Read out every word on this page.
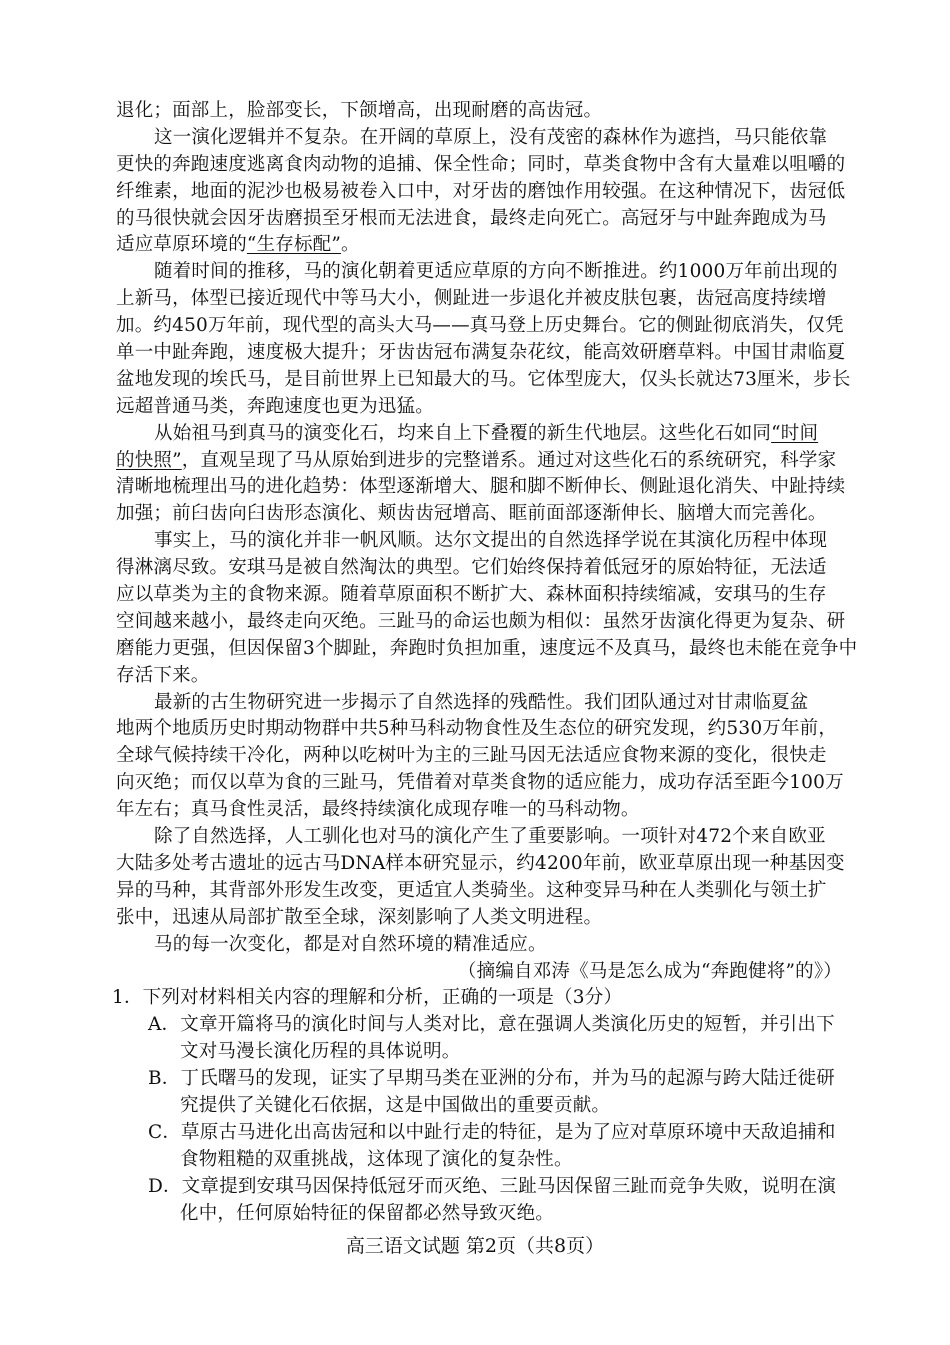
退化；面部上，脸部变长，下颌增高，出现耐磨的高齿冠。
这一演化逻辑并不复杂。在开阔的草原上，没有茂密的森林作为遮挡，马只能依靠
更快的奔跑速度逃离食肉动物的追捕、保全性命；同时，草类食物中含有大量难以咀嚼的
纤维素，地面的泥沙也极易被卷入口中，对牙齿的磨蚀作用较强。在这种情况下，齿冠低
的马很快就会因牙齿磨损至牙根而无法进食，最终走向死亡。高冠牙与中趾奔跑成为马
适应草原环境的“生存标配”。
随着时间的推移，马的演化朝着更适应草原的方向不断推进。约1000万年前出现的
上新马，体型已接近现代中等马大小，侧趾进一步退化并被皮肤包裹，齿冠高度持续增
加。约450万年前，现代型的高头大马——真马登上历史舞台。它的侧趾彻底消失，仅凭
单一中趾奔跑，速度极大提升；牙齿齿冠布满复杂花纹，能高效研磨草料。中国甘肃临夏
盆地发现的埃氏马，是目前世界上已知最大的马。它体型庞大，仅头长就达73厘米，步长
远超普通马类，奔跑速度也更为迅猛。
从始祖马到真马的演变化石，均来自上下叠覆的新生代地层。这些化石如同“时间
的快照”，直观呈现了马从原始到进步的完整谱系。通过对这些化石的系统研究，科学家
清晰地梳理出马的进化趋势：体型逐渐增大、腿和脚不断伸长、侧趾退化消失、中趾持续
加强；前臼齿向臼齿形态演化、颊齿齿冠增高、眶前面部逐渐伸长、脑增大而完善化。
事实上，马的演化并非一帆风顺。达尔文提出的自然选择学说在其演化历程中体现
得淋漓尽致。安琪马是被自然淘汰的典型。它们始终保持着低冠牙的原始特征，无法适
应以草类为主的食物来源。随着草原面积不断扩大、森林面积持续缩减，安琪马的生存
空间越来越小，最终走向灭绝。三趾马的命运也颇为相似：虽然牙齿演化得更为复杂、研
磨能力更强，但因保留3个脚趾，奔跑时负担加重，速度远不及真马，最终也未能在竞争中
存活下来。
最新的古生物研究进一步揭示了自然选择的残酷性。我们团队通过对甘肃临夏盆
地两个地质历史时期动物群中共5种马科动物食性及生态位的研究发现，约530万年前，
全球气候持续干冷化，两种以吃树叶为主的三趾马因无法适应食物来源的变化，很快走
向灭绝；而仅以草为食的三趾马，凭借着对草类食物的适应能力，成功存活至距今100万
年左右；真马食性灵活，最终持续演化成现存唯一的马科动物。
除了自然选择，人工驯化也对马的演化产生了重要影响。一项针对472个来自欧亚
大陆多处考古遗址的远古马DNA样本研究显示，约4200年前，欧亚草原出现一种基因变
异的马种，其背部外形发生改变，更适宜人类骑坐。这种变异马种在人类驯化与领土扩
张中，迅速从局部扩散至全球，深刻影响了人类文明进程。
马的每一次变化，都是对自然环境的精准适应。
（摘编自邓涛《马是怎么成为“奔跑健将”的》）
1．下列对材料相关内容的理解和分析，正确的一项是（3分）
A．文章开篇将马的演化时间与人类对比，意在强调人类演化历史的短暂，并引出下
文对马漫长演化历程的具体说明。
B．丁氏曙马的发现，证实了早期马类在亚洲的分布，并为马的起源与跨大陆迁徙研
究提供了关键化石依据，这是中国做出的重要贡献。
C．草原古马进化出高齿冠和以中趾行走的特征，是为了应对草原环境中天敌追捕和
食物粗糙的双重挑战，这体现了演化的复杂性。
D．文章提到安琪马因保持低冠牙而灭绝、三趾马因保留三趾而竞争失败，说明在演
化中，任何原始特征的保留都必然导致灭绝。
高三语文试题 第2页（共8页）
